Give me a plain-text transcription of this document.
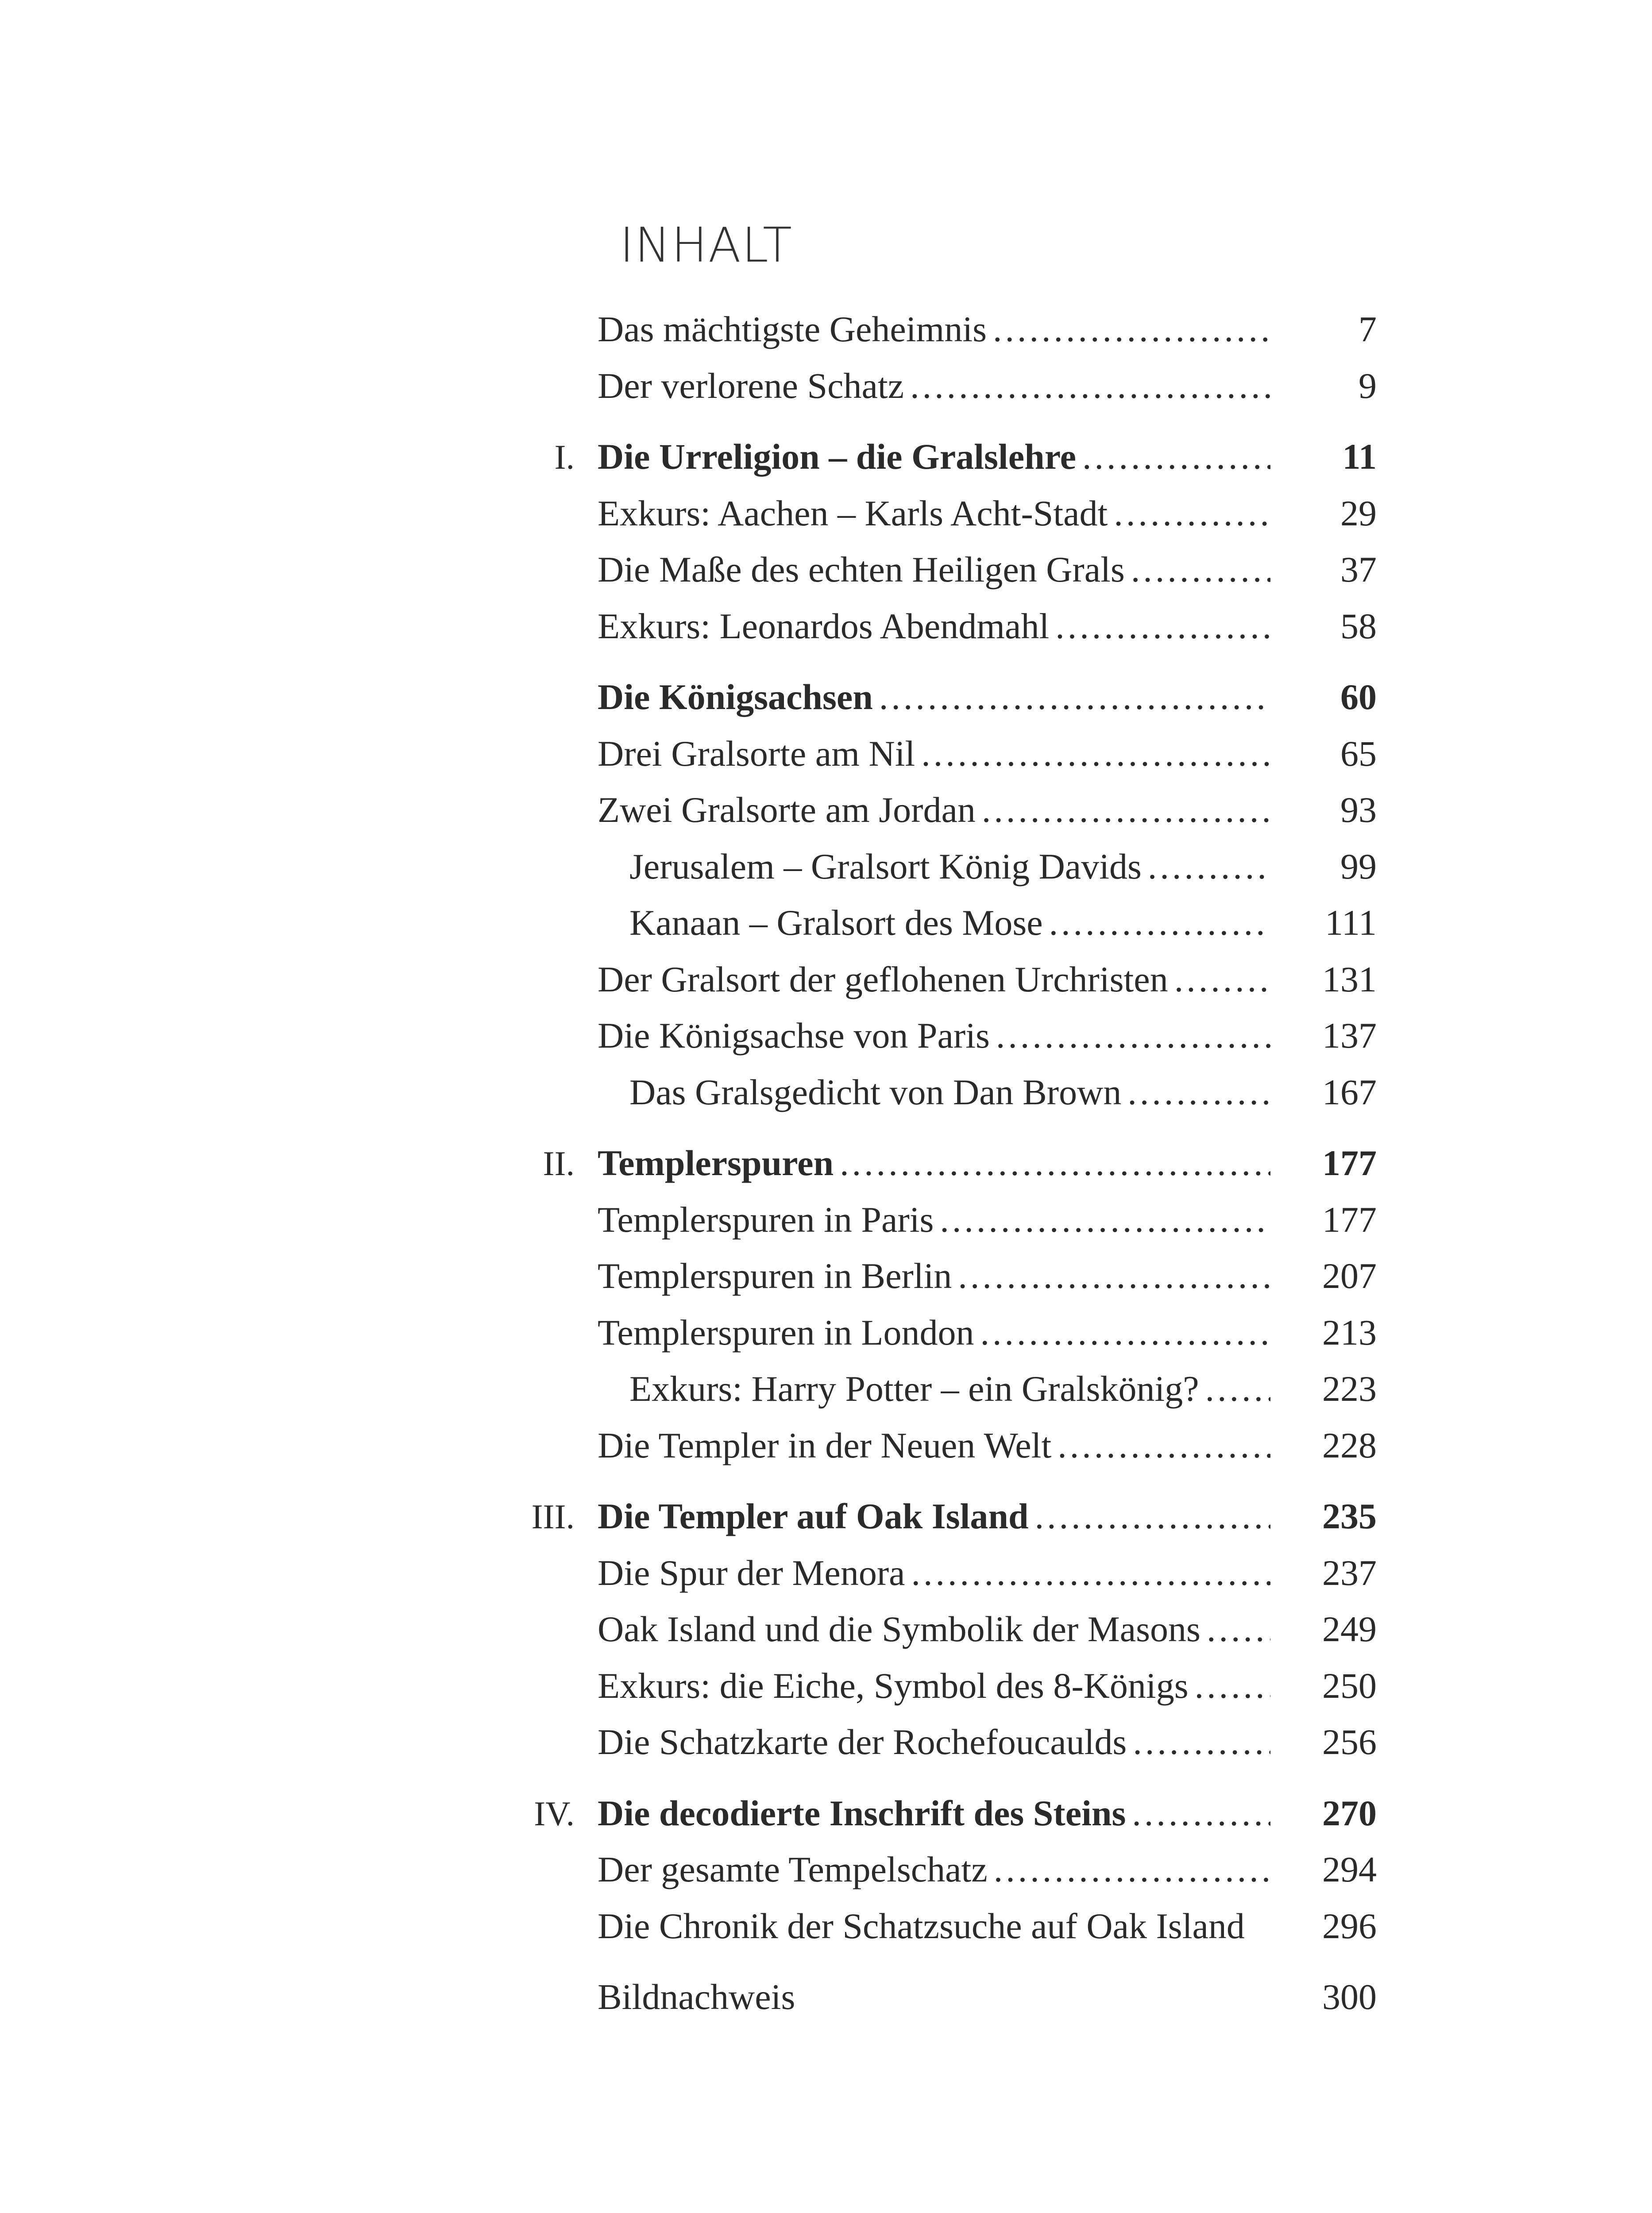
INHALT
Das mächtigste Geheimnis .....	7
Der verlorene Schatz .....	9
I. Die Urreligion – die Gralslehre .....	11
Exkurs: Aachen – Karls Acht-Stadt .....	29
Die Maße des echten Heiligen Grals .....	37
Exkurs: Leonardos Abendmahl .....	58
Die Königsachsen .....	60
Drei Gralsorte am Nil .....	65
Zwei Gralsorte am Jordan .....	93
Jerusalem – Gralsort König Davids .....	99
Kanaan – Gralsort des Mose .....	111
Der Gralsort der geflohenen Urchristen .....	131
Die Königsachse von Paris .....	137
Das Gralsgedicht von Dan Brown .....	167
II. Templerspuren .....	177
Templerspuren in Paris .....	177
Templerspuren in Berlin .....	207
Templerspuren in London .....	213
Exkurs: Harry Potter – ein Gralskönig? .....	223
Die Templer in der Neuen Welt .....	228
III. Die Templer auf Oak Island .....	235
Die Spur der Menora .....	237
Oak Island und die Symbolik der Masons .....	249
Exkurs: die Eiche, Symbol des 8-Königs .....	250
Die Schatzkarte der Rochefoucaulds .....	256
IV. Die decodierte Inschrift des Steins .....	270
Der gesamte Tempelschatz .....	294
Die Chronik der Schatzsuche auf Oak Island	296
Bildnachweis	300
